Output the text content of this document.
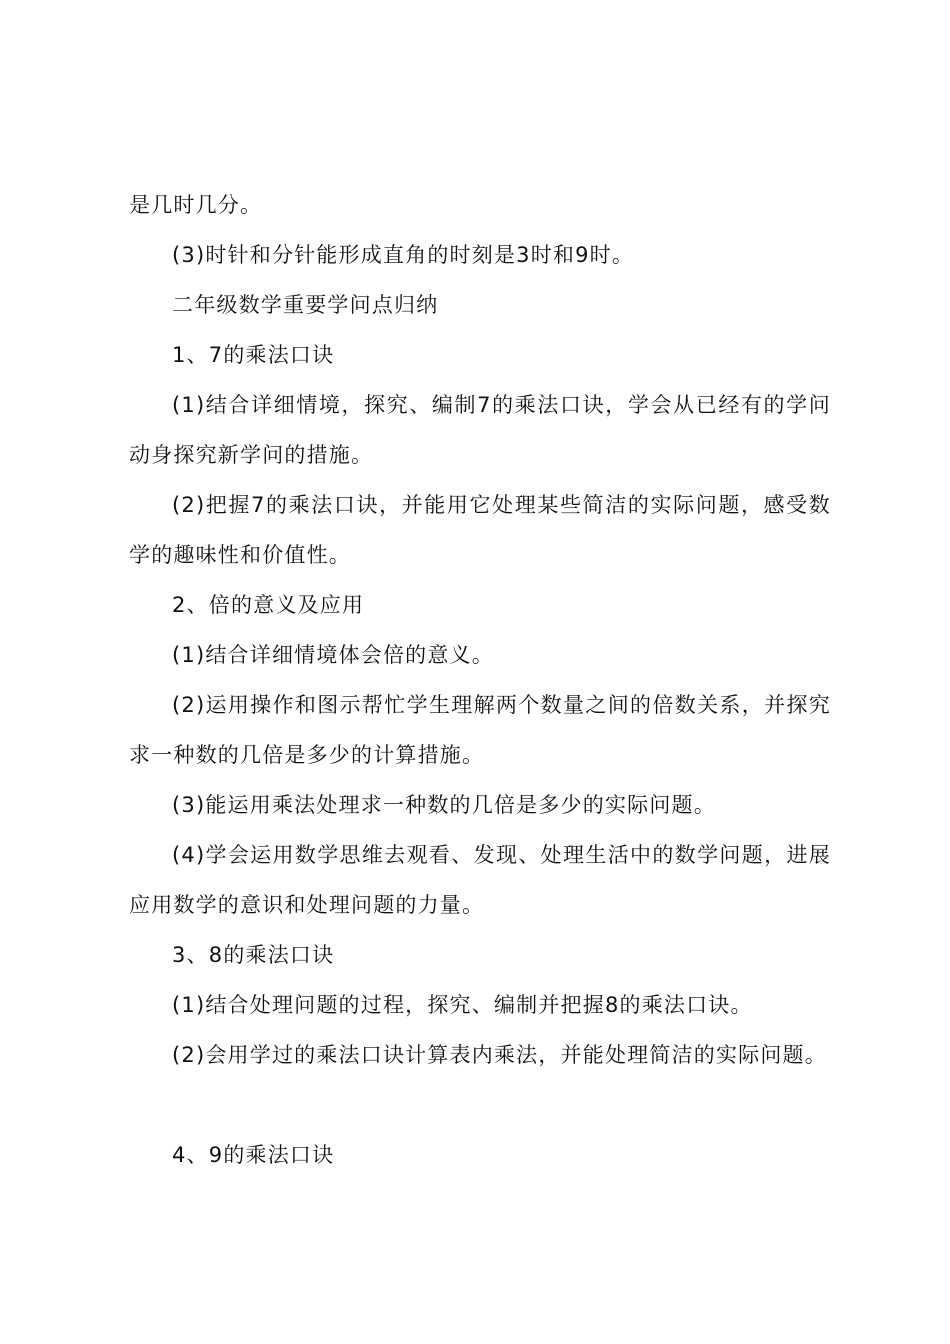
是几时几分。
(3)时针和分针能形成直角的时刻是3时和9时。
二年级数学重要学问点归纳
1、7的乘法口诀
(1)结合详细情境，探究、编制7的乘法口诀，学会从已经有的学问
动身探究新学问的措施。
(2)把握7的乘法口诀，并能用它处理某些简洁的实际问题，感受数
学的趣味性和价值性。
2、倍的意义及应用
(1)结合详细情境体会倍的意义。
(2)运用操作和图示帮忙学生理解两个数量之间的倍数关系，并探究
求一种数的几倍是多少的计算措施。
(3)能运用乘法处理求一种数的几倍是多少的实际问题。
(4)学会运用数学思维去观看、发现、处理生活中的数学问题，进展
应用数学的意识和处理问题的力量。
3、8的乘法口诀
(1)结合处理问题的过程，探究、编制并把握8的乘法口诀。
(2)会用学过的乘法口诀计算表内乘法，并能处理简洁的实际问题。
4、9的乘法口诀
